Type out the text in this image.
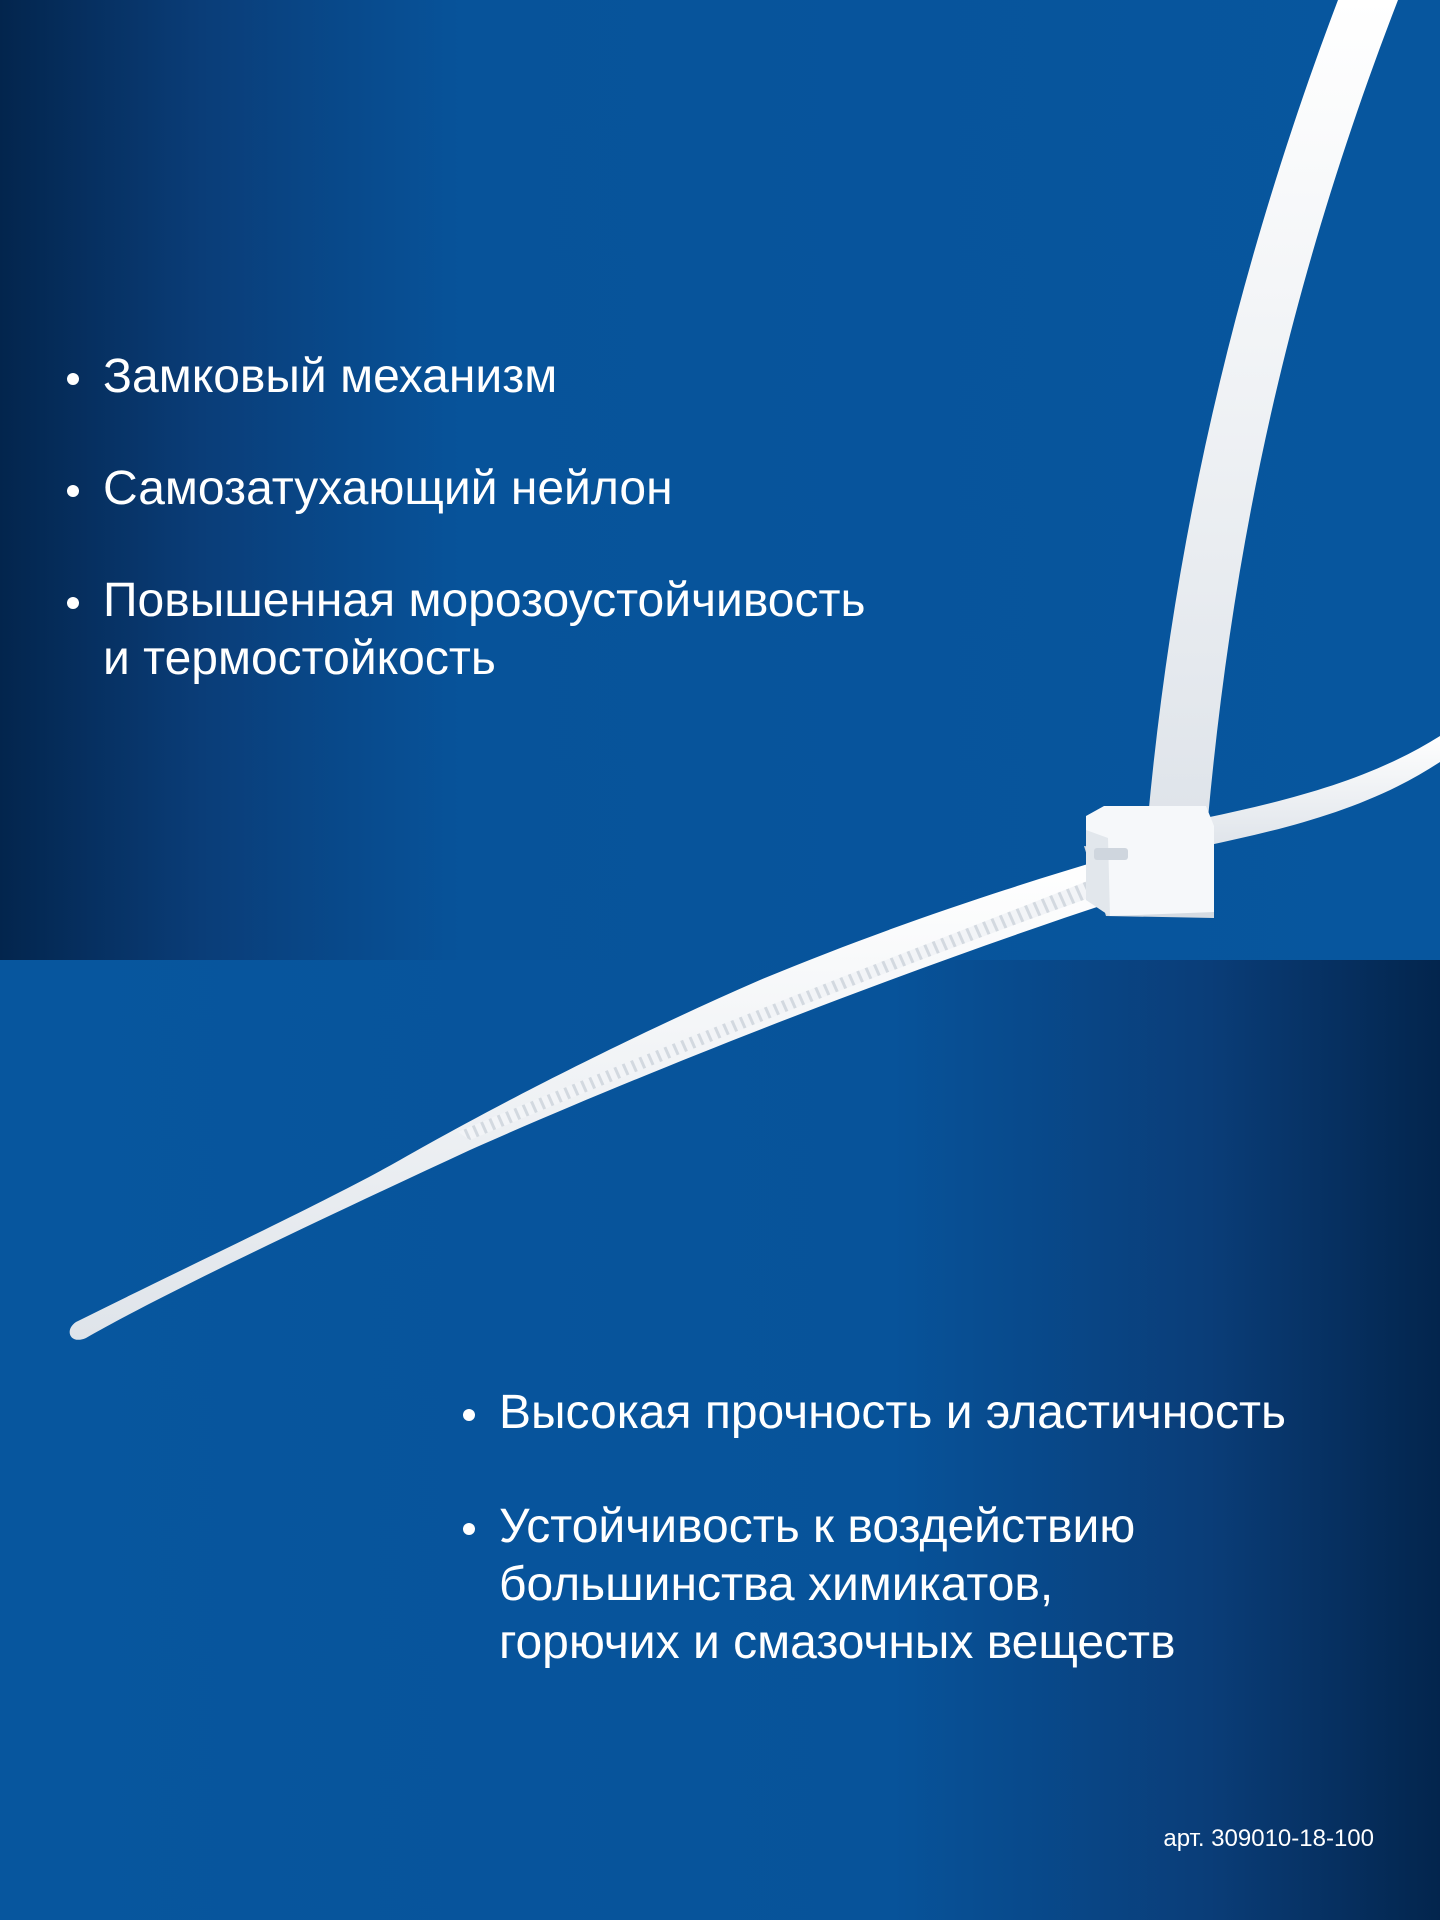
Замковый механизм
Самозатухающий нейлон
Повышенная морозоустойчивость
и термостойкость
Высокая прочность и эластичность
Устойчивость к воздействию
большинства химикатов,
горючих и смазочных веществ
арт. 309010-18-100
